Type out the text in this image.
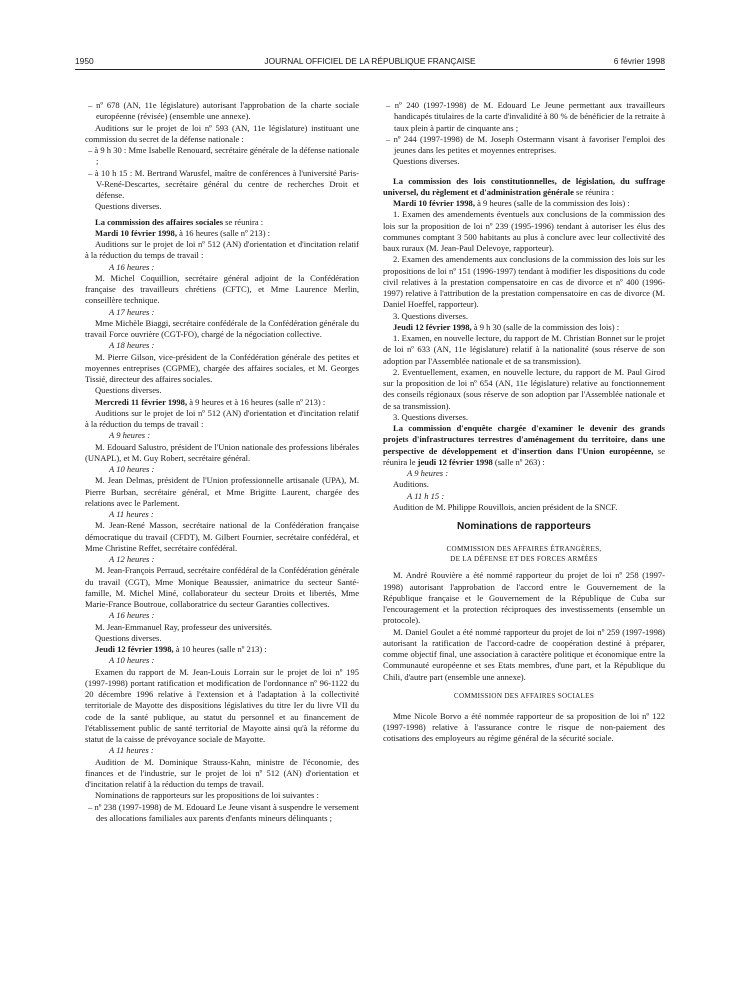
1950	JOURNAL OFFICIEL DE LA RÉPUBLIQUE FRANÇAISE	6 février 1998

– nº 678 (AN, 11e législature) autorisant l'approbation de la charte sociale européenne (révisée) (ensemble une annexe).

Auditions sur le projet de loi nº 593 (AN, 11e législature) instituant une commission du secret de la défense nationale :

– à 9 h 30 : Mme Isabelle Renouard, secrétaire générale de la défense nationale ;

– à 10 h 15 : M. Bertrand Warusfel, maître de conférences à l'université Paris-V-René-Descartes, secrétaire général du centre de recherches Droit et défense.

Questions diverses.

La commission des affaires sociales se réunira :

Mardi 10 février 1998, à 16 heures (salle nº 213) :

Auditions sur le projet de loi nº 512 (AN) d'orientation et d'incitation relatif à la réduction du temps de travail :

A 16 heures :

M. Michel Coquillion, secrétaire général adjoint de la Confédération française des travailleurs chrétiens (CFTC), et Mme Laurence Merlin, conseillère technique.

A 17 heures :

Mme Michèle Biaggi, secrétaire confédérale de la Confédération générale du travail Force ouvrière (CGT-FO), chargé de la négociation collective.

A 18 heures :

M. Pierre Gilson, vice-président de la Confédération générale des petites et moyennes entreprises (CGPME), chargée des affaires sociales, et M. Georges Tissié, directeur des affaires sociales.

Questions diverses.

Mercredi 11 février 1998, à 9 heures et à 16 heures (salle nº 213) :

Auditions sur le projet de loi nº 512 (AN) d'orientation et d'incitation relatif à la réduction du temps de travail :

A 9 heures :

M. Edouard Salustro, président de l'Union nationale des professions libérales (UNAPL), et M. Guy Robert, secrétaire général.

A 10 heures :

M. Jean Delmas, président de l'Union professionnelle artisanale (UPA), M. Pierre Burban, secrétaire général, et Mme Brigitte Laurent, chargée des relations avec le Parlement.

A 11 heures :

M. Jean-René Masson, secrétaire national de la Confédération française démocratique du travail (CFDT), M. Gilbert Fournier, secrétaire confédéral, et Mme Christine Reffet, secrétaire confédéral.

A 12 heures :

M. Jean-François Perraud, secrétaire confédéral de la Confédération générale du travail (CGT), Mme Monique Beaussier, animatrice du secteur Santé-famille, M. Michel Miné, collaborateur du secteur Droits et libertés, Mme Marie-France Boutroue, collaboratrice du secteur Garanties collectives.

A 16 heures :

M. Jean-Emmanuel Ray, professeur des universités.

Questions diverses.

Jeudi 12 février 1998, à 10 heures (salle nº 213) :

A 10 heures :

Examen du rapport de M. Jean-Louis Lorrain sur le projet de loi nº 195 (1997-1998) portant ratification et modification de l'ordonnance nº 96-1122 du 20 décembre 1996 relative à l'extension et à l'adaptation à la collectivité territoriale de Mayotte des dispositions législatives du titre Ier du livre VII du code de la santé publique, au statut du personnel et au financement de l'établissement public de santé territorial de Mayotte ainsi qu'à la réforme du statut de la caisse de prévoyance sociale de Mayotte.

A 11 heures :

Audition de M. Dominique Strauss-Kahn, ministre de l'économie, des finances et de l'industrie, sur le projet de loi nº 512 (AN) d'orientation et d'incitation relatif à la réduction du temps de travail.

Nominations de rapporteurs sur les propositions de loi suivantes :

– nº 238 (1997-1998) de M. Edouard Le Jeune visant à suspendre le versement des allocations familiales aux parents d'enfants mineurs délinquants ;

– nº 240 (1997-1998) de M. Edouard Le Jeune permettant aux travailleurs handicapés titulaires de la carte d'invalidité à 80 % de bénéficier de la retraite à taux plein à partir de cinquante ans ;

– nº 244 (1997-1998) de M. Joseph Ostermann visant à favoriser l'emploi des jeunes dans les petites et moyennes entreprises.

Questions diverses.

La commission des lois constitutionnelles, de législation, du suffrage universel, du règlement et d'administration générale se réunira :

Mardi 10 février 1998, à 9 heures (salle de la commission des lois) :

1. Examen des amendements éventuels aux conclusions de la commission des lois sur la proposition de loi nº 239 (1995-1996) tendant à autoriser les élus des communes comptant 3 500 habitants au plus à conclure avec leur collectivité des baux ruraux (M. Jean-Paul Delevoye, rapporteur).

2. Examen des amendements aux conclusions de la commission des lois sur les propositions de loi nº 151 (1996-1997) tendant à modifier les dispositions du code civil relatives à la prestation compensatoire en cas de divorce et nº 400 (1996-1997) relative à l'attribution de la prestation compensatoire en cas de divorce (M. Daniel Hoeffel, rapporteur).

3. Questions diverses.

Jeudi 12 février 1998, à 9 h 30 (salle de la commission des lois) :

1. Examen, en nouvelle lecture, du rapport de M. Christian Bonnet sur le projet de loi nº 633 (AN, 11e législature) relatif à la nationalité (sous réserve de son adoption par l'Assemblée nationale et de sa transmission).

2. Eventuellement, examen, en nouvelle lecture, du rapport de M. Paul Girod sur la proposition de loi nº 654 (AN, 11e législature) relative au fonctionnement des conseils régionaux (sous réserve de son adoption par l'Assemblée nationale et de sa transmission).

3. Questions diverses.

La commission d'enquête chargée d'examiner le devenir des grands projets d'infrastructures terrestres d'aménagement du territoire, dans une perspective de développement et d'insertion dans l'Union européenne, se réunira le jeudi 12 février 1998 (salle nº 263) :

A 9 heures :

Auditions.

A 11 h 15 :

Audition de M. Philippe Rouvillois, ancien président de la SNCF.

Nominations de rapporteurs
COMMISSION DES AFFAIRES ÉTRANGÈRES,
DE LA DÉFENSE ET DES FORCES ARMÉES

M. André Rouvière a été nommé rapporteur du projet de loi nº 258 (1997-1998) autorisant l'approbation de l'accord entre le Gouvernement de la République française et le Gouvernement de la République de Cuba sur l'encouragement et la protection réciproques des investissements (ensemble un protocole).

M. Daniel Goulet a été nommé rapporteur du projet de loi nº 259 (1997-1998) autorisant la ratification de l'accord-cadre de coopération destiné à préparer, comme objectif final, une association à caractère politique et économique entre la Communauté européenne et ses Etats membres, d'une part, et la République du Chili, d'autre part (ensemble une annexe).

COMMISSION DES AFFAIRES SOCIALES

Mme Nicole Borvo a été nommée rapporteur de sa proposition de loi nº 122 (1997-1998) relative à l'assurance contre le risque de non-paiement des cotisations des employeurs au régime général de la sécurité sociale.
